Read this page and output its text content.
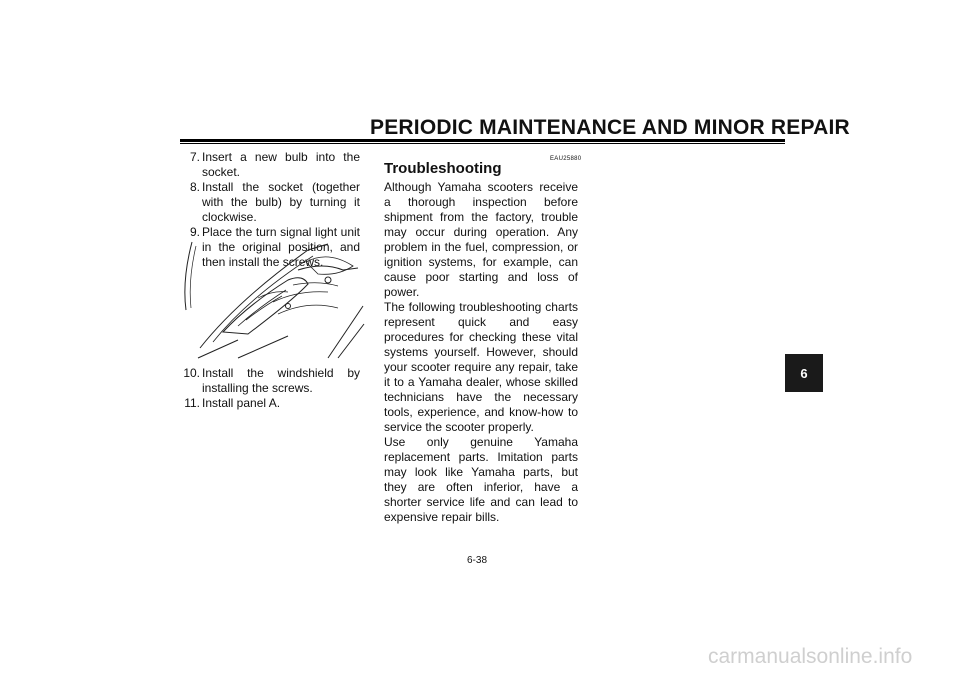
PERIODIC MAINTENANCE AND MINOR REPAIR

7. Insert a new bulb into the socket.

8. Install the socket (together with the bulb) by turning it clockwise.

9. Place the turn signal light unit in the original position, and then install the screws.

10. Install the windshield by installing the screws.

11. Install panel A.

EAU25880
Troubleshooting

Although Yamaha scooters receive a thorough inspection before shipment from the factory, trouble may occur during operation. Any problem in the fuel, compression, or ignition systems, for example, can cause poor starting and loss of power.

The following troubleshooting charts represent quick and easy procedures for checking these vital systems yourself. However, should your scooter require any repair, take it to a Yamaha dealer, whose skilled technicians have the necessary tools, experience, and know-how to service the scooter properly.

Use only genuine Yamaha replacement parts. Imitation parts may look like Yamaha parts, but they are often inferior, have a shorter service life and can lead to expensive repair bills.

6-38
6
carmanualsonline.info
